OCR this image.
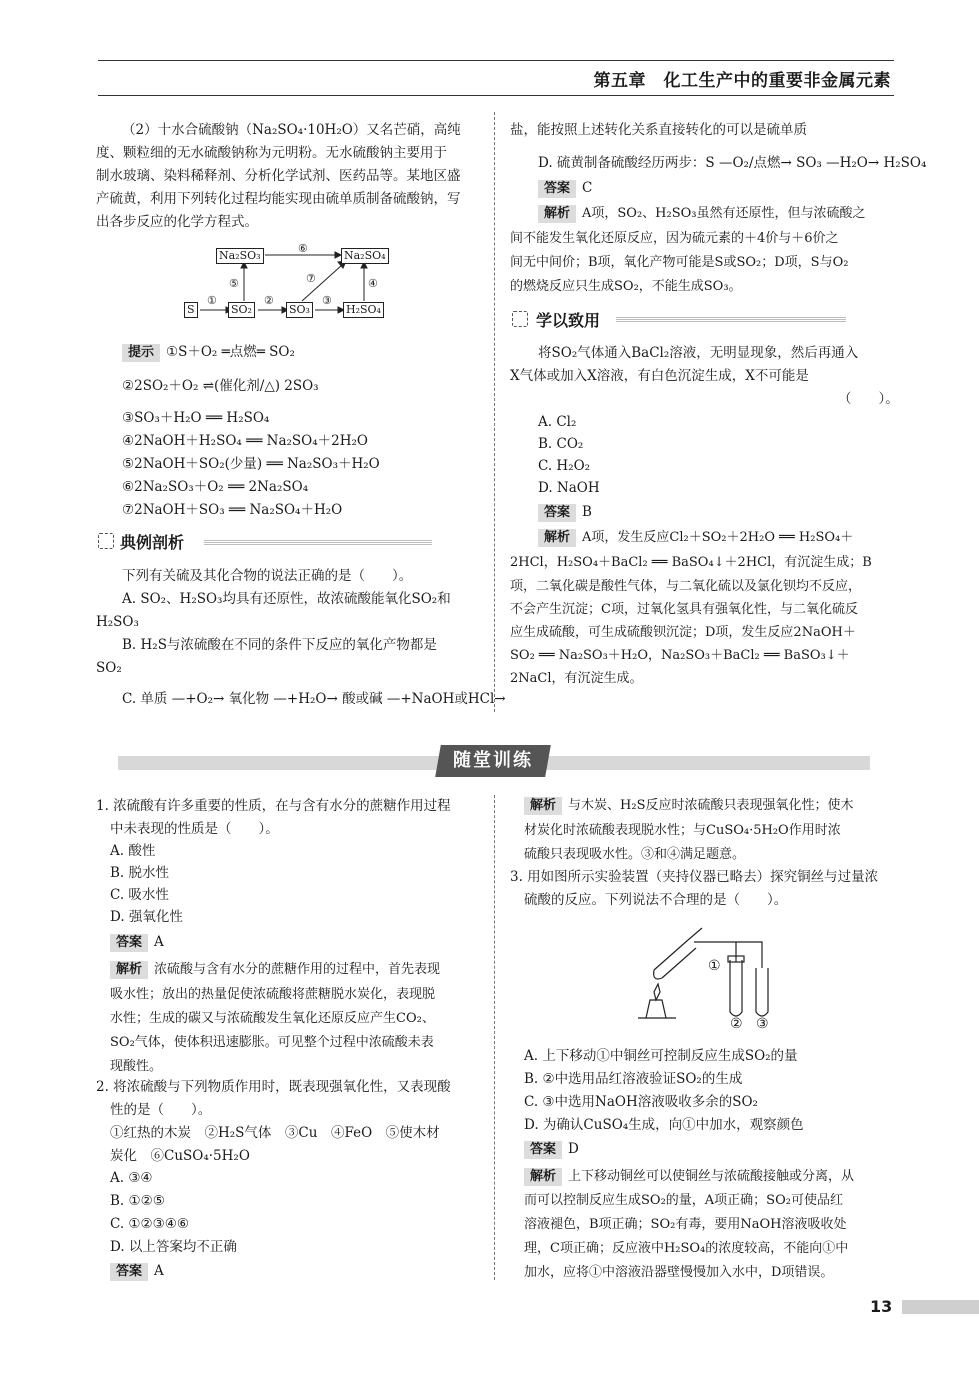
第五章　化工生产中的重要非金属元素
（2）十水合硫酸钠（Na₂SO₄·10H₂O）又名芒硝，高纯
度、颗粒细的无水硫酸钠称为元明粉。无水硫酸钠主要用于
制水玻璃、染料稀释剂、分析化学试剂、医药品等。某地区盛
产硫黄，利用下列转化过程均能实现由硫单质制备硫酸钠，写
出各步反应的化学方程式。
S	SO₂	SO₃	H₂SO₄
Na₂SO₃	Na₂SO₄
①	②	③
④
⑤
⑥
⑦
提示 ①S＋O₂ ═点燃═ SO₂
②2SO₂＋O₂ ⇌(催化剂/△) 2SO₃
③SO₃＋H₂O ══ H₂SO₄
④2NaOH＋H₂SO₄ ══ Na₂SO₄＋2H₂O
⑤2NaOH＋SO₂(少量) ══ Na₂SO₃＋H₂O
⑥2Na₂SO₃＋O₂ ══ 2Na₂SO₄
⑦2NaOH＋SO₃ ══ Na₂SO₄＋H₂O
典例剖析
下列有关硫及其化合物的说法正确的是（　　）。
A. SO₂、H₂SO₃均具有还原性，故浓硫酸能氧化SO₂和
H₂SO₃
B. H₂S与浓硫酸在不同的条件下反应的氧化产物都是
SO₂
C. 单质 —+O₂→ 氧化物 —+H₂O→ 酸或碱 —+NaOH或HCl→
盐，能按照上述转化关系直接转化的可以是硫单质
D. 硫黄制备硫酸经历两步：S —O₂/点燃→ SO₃ —H₂O→ H₂SO₄
答案 C
解析 A项，SO₂、H₂SO₃虽然有还原性，但与浓硫酸之
间不能发生氧化还原反应，因为硫元素的＋4价与＋6价之
间无中间价；B项，氧化产物可能是S或SO₂；D项，S与O₂
的燃烧反应只生成SO₂，不能生成SO₃。
学以致用
将SO₂气体通入BaCl₂溶液，无明显现象，然后再通入
X气体或加入X溶液，有白色沉淀生成，X不可能是
（　　）。
A. Cl₂
B. CO₂
C. H₂O₂
D. NaOH
答案 B
解析 A项，发生反应Cl₂＋SO₂＋2H₂O ══ H₂SO₄＋
2HCl，H₂SO₄＋BaCl₂ ══ BaSO₄↓＋2HCl，有沉淀生成；B
项，二氧化碳是酸性气体，与二氧化硫以及氯化钡均不反应，
不会产生沉淀；C项，过氧化氢具有强氧化性，与二氧化硫反
应生成硫酸，可生成硫酸钡沉淀；D项，发生反应2NaOH＋
SO₂ ══ Na₂SO₃＋H₂O，Na₂SO₃＋BaCl₂ ══ BaSO₃↓＋
2NaCl，有沉淀生成。
随堂训练
1. 浓硫酸有许多重要的性质，在与含有水分的蔗糖作用过程
中未表现的性质是（　　）。
A. 酸性
B. 脱水性
C. 吸水性
D. 强氧化性
答案 A
解析 浓硫酸与含有水分的蔗糖作用的过程中，首先表现
吸水性；放出的热量促使浓硫酸将蔗糖脱水炭化，表现脱
水性；生成的碳又与浓硫酸发生氧化还原反应产生CO₂、
SO₂气体，使体积迅速膨胀。可见整个过程中浓硫酸未表
现酸性。
2. 将浓硫酸与下列物质作用时，既表现强氧化性，又表现酸
性的是（　　）。
①红热的木炭　②H₂S气体　③Cu　④FeO　⑤使木材
炭化　⑥CuSO₄·5H₂O
A. ③④
B. ①②⑤
C. ①②③④⑥
D. 以上答案均不正确
答案 A
解析 与木炭、H₂S反应时浓硫酸只表现强氧化性；使木
材炭化时浓硫酸表现脱水性；与CuSO₄·5H₂O作用时浓
硫酸只表现吸水性。③和④满足题意。
3. 用如图所示实验装置（夹持仪器已略去）探究铜丝与过量浓
硫酸的反应。下列说法不合理的是（　　）。
①
② ③
A. 上下移动①中铜丝可控制反应生成SO₂的量
B. ②中选用品红溶液验证SO₂的生成
C. ③中选用NaOH溶液吸收多余的SO₂
D. 为确认CuSO₄生成，向①中加水，观察颜色
答案 D
解析 上下移动铜丝可以使铜丝与浓硫酸接触或分离，从
而可以控制反应生成SO₂的量，A项正确；SO₂可使品红
溶液褪色，B项正确；SO₂有毒，要用NaOH溶液吸收处
理，C项正确；反应液中H₂SO₄的浓度较高，不能向①中
加水，应将①中溶液沿器壁慢慢加入水中，D项错误。
13
